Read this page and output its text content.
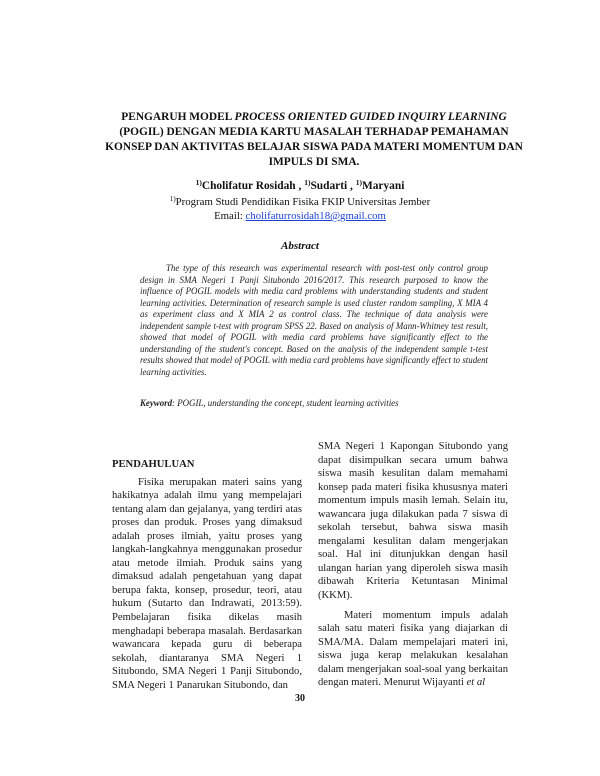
PENGARUH MODEL PROCESS ORIENTED GUIDED INQUIRY LEARNING (POGIL) DENGAN MEDIA KARTU MASALAH TERHADAP PEMAHAMAN KONSEP DAN AKTIVITAS BELAJAR SISWA PADA MATERI MOMENTUM DAN IMPULS DI SMA.
$^{1)}$Cholifatur Rosidah , $^{1)}$Sudarti , $^{1)}$Maryani
$^{1)}$Program Studi Pendidikan Fisika FKIP Universitas Jember
Email: cholifaturrosidah18@gmail.com
Abstract
The type of this research was experimental research with post-test only control group design in SMA Negeri 1 Panji Situbondo 2016/2017. This research purposed to know the influence of POGIL models with media card problems with understanding students and student learning activities. Determination of research sample is used cluster random sampling, X MIA 4 as experiment class and X MIA 2 as control class. The technique of data analysis were independent sample t-test with program SPSS 22. Based on analysis of Mann-Whitney test result, showed that model of POGIL with media card problems have significantly effect to the understanding of the student's concept. Based on the analysis of the independent sample t-test results showed that model of POGIL with media card problems have significantly effect to student learning activities.
Keyword: POGIL, understanding the concept, student learning activities
PENDAHULUAN

Fisika merupakan materi sains yang hakikatnya adalah ilmu yang mempelajari tentang alam dan gejalanya, yang terdiri atas proses dan produk. Proses yang dimaksud adalah proses ilmiah, yaitu proses yang langkah-langkahnya menggunakan prosedur atau metode ilmiah. Produk sains yang dimaksud adalah pengetahuan yang dapat berupa fakta, konsep, prosedur, teori, atau hukum (Sutarto dan Indrawati, 2013:59). Pembelajaran fisika dikelas masih menghadapi beberapa masalah. Berdasarkan wawancara kepada guru di beberapa sekolah, diantaranya SMA Negeri 1 Situbondo, SMA Negeri 1 Panji Situbondo, SMA Negeri 1 Panarukan Situbondo, dan

SMA Negeri 1 Kapongan Situbondo yang dapat disimpulkan secara umum bahwa siswa masih kesulitan dalam memahami konsep pada materi fisika khususnya materi momentum impuls masih lemah. Selain itu, wawancara juga dilakukan pada 7 siswa di sekolah tersebut, bahwa siswa masih mengalami kesulitan dalam mengerjakan soal. Hal ini ditunjukkan dengan hasil ulangan harian yang diperoleh siswa masih dibawah Kriteria Ketuntasan Minimal (KKM).

Materi momentum impuls adalah salah satu materi fisika yang diajarkan di SMA/MA. Dalam mempelajari materi ini, siswa juga kerap melakukan kesalahan dalam mengerjakan soal-soal yang berkaitan dengan materi. Menurut Wijayanti et al

30
